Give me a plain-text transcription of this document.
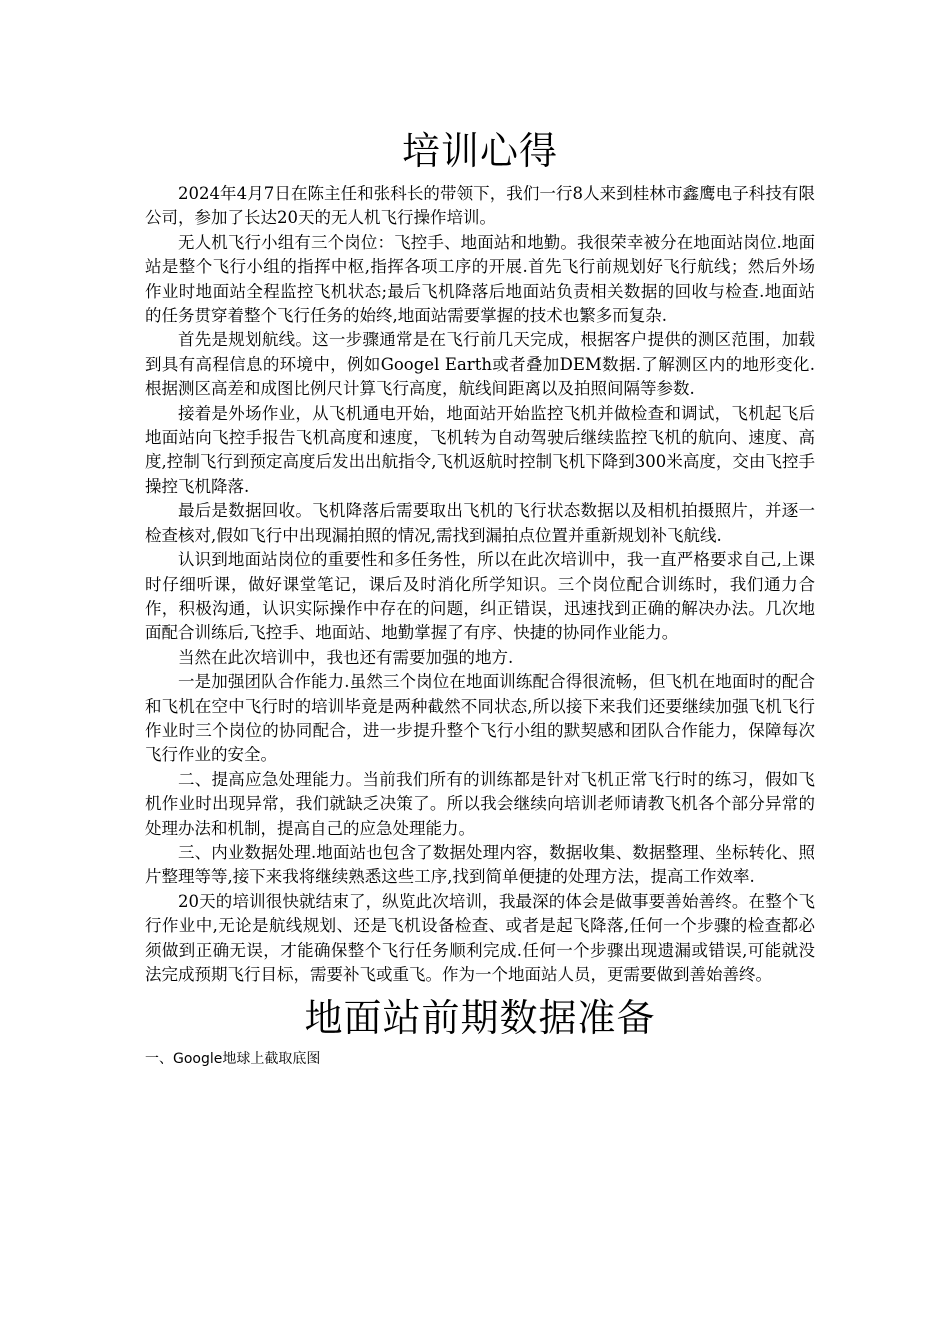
培训心得

2024年4月7日在陈主任和张科长的带领下，我们一行8人来到桂林市鑫鹰电子科技有限公司，参加了长达20天的无人机飞行操作培训。

无人机飞行小组有三个岗位：飞控手、地面站和地勤。我很荣幸被分在地面站岗位.地面站是整个飞行小组的指挥中枢,指挥各项工序的开展.首先飞行前规划好飞行航线；然后外场作业时地面站全程监控飞机状态;最后飞机降落后地面站负责相关数据的回收与检查.地面站的任务贯穿着整个飞行任务的始终,地面站需要掌握的技术也繁多而复杂.

首先是规划航线。这一步骤通常是在飞行前几天完成，根据客户提供的测区范围，加载到具有高程信息的环境中，例如Googel Earth或者叠加DEM数据.了解测区内的地形变化.根据测区高差和成图比例尺计算飞行高度，航线间距离以及拍照间隔等参数.

接着是外场作业，从飞机通电开始，地面站开始监控飞机并做检查和调试，飞机起飞后地面站向飞控手报告飞机高度和速度，飞机转为自动驾驶后继续监控飞机的航向、速度、高度,控制飞行到预定高度后发出出航指令,飞机返航时控制飞机下降到300米高度，交由飞控手操控飞机降落.

最后是数据回收。飞机降落后需要取出飞机的飞行状态数据以及相机拍摄照片，并逐一检查核对,假如飞行中出现漏拍照的情况,需找到漏拍点位置并重新规划补飞航线.

认识到地面站岗位的重要性和多任务性，所以在此次培训中，我一直严格要求自己,上课时仔细听课，做好课堂笔记，课后及时消化所学知识。三个岗位配合训练时，我们通力合作，积极沟通，认识实际操作中存在的问题，纠正错误，迅速找到正确的解决办法。几次地面配合训练后,飞控手、地面站、地勤掌握了有序、快捷的协同作业能力。

当然在此次培训中，我也还有需要加强的地方.

一是加强团队合作能力.虽然三个岗位在地面训练配合得很流畅，但飞机在地面时的配合和飞机在空中飞行时的培训毕竟是两种截然不同状态,所以接下来我们还要继续加强飞机飞行作业时三个岗位的协同配合，进一步提升整个飞行小组的默契感和团队合作能力，保障每次飞行作业的安全。

二、提高应急处理能力。当前我们所有的训练都是针对飞机正常飞行时的练习，假如飞机作业时出现异常，我们就缺乏决策了。所以我会继续向培训老师请教飞机各个部分异常的处理办法和机制，提高自己的应急处理能力。

三、内业数据处理.地面站也包含了数据处理内容，数据收集、数据整理、坐标转化、照片整理等等,接下来我将继续熟悉这些工序,找到简单便捷的处理方法，提高工作效率.

20天的培训很快就结束了，纵览此次培训，我最深的体会是做事要善始善终。在整个飞行作业中,无论是航线规划、还是飞机设备检查、或者是起飞降落,任何一个步骤的检查都必须做到正确无误，才能确保整个飞行任务顺利完成.任何一个步骤出现遗漏或错误,可能就没法完成预期飞行目标，需要补飞或重飞。作为一个地面站人员，更需要做到善始善终。

地面站前期数据准备

一、Google地球上截取底图
